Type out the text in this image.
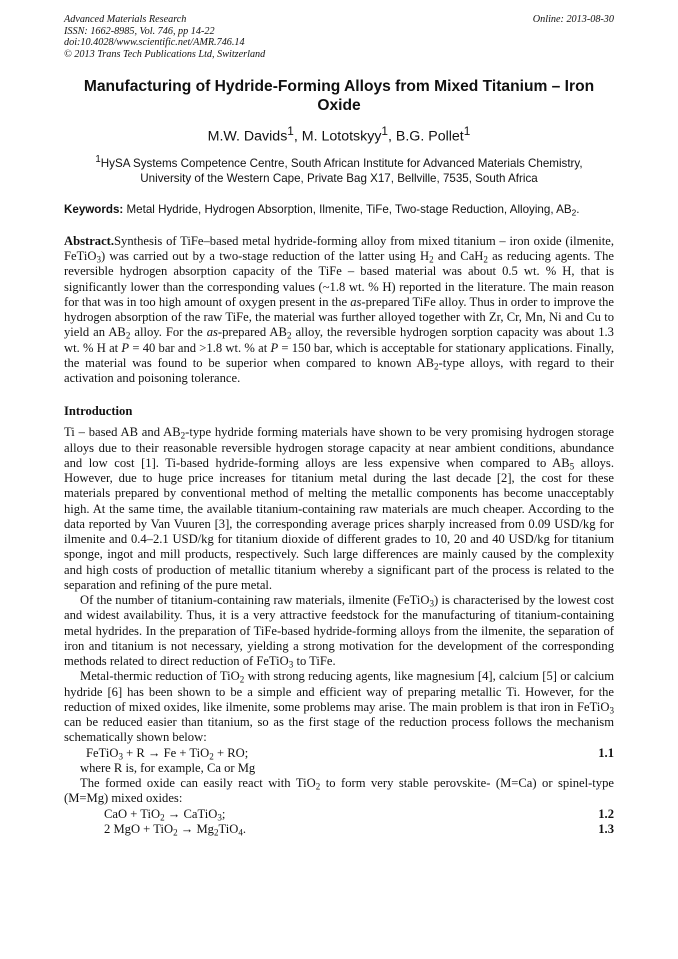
Advanced Materials Research
ISSN: 1662-8985, Vol. 746, pp 14-22
doi:10.4028/www.scientific.net/AMR.746.14
© 2013 Trans Tech Publications Ltd, Switzerland
Online: 2013-08-30
Manufacturing of Hydride-Forming Alloys from Mixed Titanium – Iron Oxide
M.W. Davids$^1$, M. Lototskyy$^1$, B.G. Pollet$^1$
$^1$HySA Systems Competence Centre, South African Institute for Advanced Materials Chemistry,
University of the Western Cape, Private Bag X17, Bellville, 7535, South Africa
Keywords: Metal Hydride, Hydrogen Absorption, Ilmenite, TiFe, Two-stage Reduction, Alloying, $AB_2$.
Abstract.Synthesis of TiFe–based metal hydride-forming alloy from mixed titanium – iron oxide (ilmenite, FeTiO$_3$) was carried out by a two-stage reduction of the latter using $H_2$ and CaH$_2$ as reducing agents. The reversible hydrogen absorption capacity of the TiFe – based material was about 0.5 wt. % H, that is significantly lower than the corresponding values (~1.8 wt. % H) reported in the literature. The main reason for that was in too high amount of oxygen present in the as-prepared TiFe alloy. Thus in order to improve the hydrogen absorption of the raw TiFe, the material was further alloyed together with Zr, Cr, Mn, Ni and Cu to yield an $AB_2$ alloy. For the as-prepared $AB_2$ alloy, the reversible hydrogen sorption capacity was about 1.3 wt. % H at P = 40 bar and >1.8 wt. % at P = 150 bar, which is acceptable for stationary applications. Finally, the material was found to be superior when compared to known $AB_2$-type alloys, with regard to their activation and poisoning tolerance.
Introduction
Ti – based AB and $AB_2$-type hydride forming materials have shown to be very promising hydrogen storage alloys due to their reasonable reversible hydrogen storage capacity at near ambient conditions, abundance and low cost [1]. Ti-based hydride-forming alloys are less expensive when compared to $AB_5$ alloys. However, due to huge price increases for titanium metal during the last decade [2], the cost for these materials prepared by conventional method of melting the metallic components has become unacceptably high. At the same time, the available titanium-containing raw materials are much cheaper. According to the data reported by Van Vuuren [3], the corresponding average prices sharply increased from 0.09 USD/kg for ilmenite and 0.4–2.1 USD/kg for titanium dioxide of different grades to 10, 20 and 40 USD/kg for titanium sponge, ingot and mill products, respectively. Such large differences are mainly caused by the complexity and high costs of production of metallic titanium whereby a significant part of the process is related to the separation and refining of the pure metal.
Of the number of titanium-containing raw materials, ilmenite (FeTiO$_3$) is characterised by the lowest cost and widest availability. Thus, it is a very attractive feedstock for the manufacturing of titanium-containing metal hydrides. In the preparation of TiFe-based hydride-forming alloys from the ilmenite, the separation of iron and titanium is not necessary, yielding a strong motivation for the development of the corresponding methods related to direct reduction of FeTiO$_3$ to TiFe.
Metal-thermic reduction of TiO$_2$ with strong reducing agents, like magnesium [4], calcium [5] or calcium hydride [6] has been shown to be a simple and efficient way of preparing metallic Ti. However, for the reduction of mixed oxides, like ilmenite, some problems may arise. The main problem is that iron in FeTiO$_3$ can be reduced easier than titanium, so as the first stage of the reduction process follows the mechanism schematically shown below:
FeTiO$_3$ + R → Fe + TiO$_2$ + RO;	1.1
where R is, for example, Ca or Mg
The formed oxide can easily react with TiO$_2$ to form very stable perovskite- (M=Ca) or spinel-type (M=Mg) mixed oxides:
CaO + TiO$_2$ → CaTiO$_3$;	1.2
2 MgO + $TiO_2 \to Mg_2TiO_4$.	1.3
